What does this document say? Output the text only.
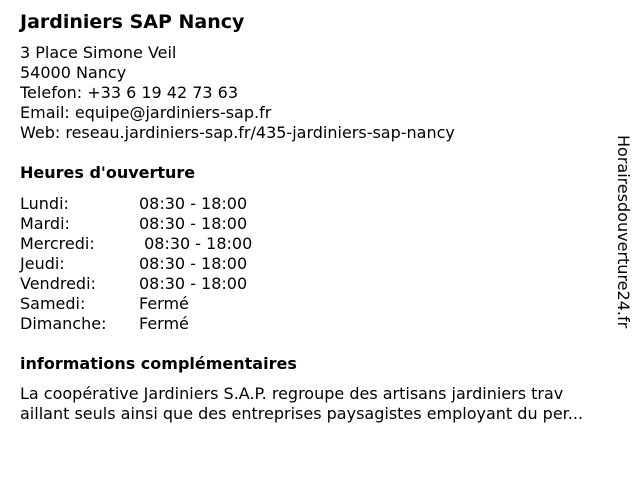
Jardiniers SAP Nancy
3 Place Simone Veil
54000 Nancy
Telefon: +33 6 19 42 73 63
Email: equipe@jardiniers-sap.fr
Web: reseau.jardiniers-sap.fr/435-jardiniers-sap-nancy
Heures d'ouverture
Lundi:	08:30 - 18:00
Mardi:	08:30 - 18:00
Mercredi:	08:30 - 18:00
Jeudi:	08:30 - 18:00
Vendredi:	08:30 - 18:00
Samedi:	Fermé
Dimanche: Fermé
informations complémentaires
La coopérative Jardiniers S.A.P. regroupe des artisans jardiniers trav
aillant seuls ainsi que des entreprises paysagistes employant du per...
Horairesdouverture24.fr
